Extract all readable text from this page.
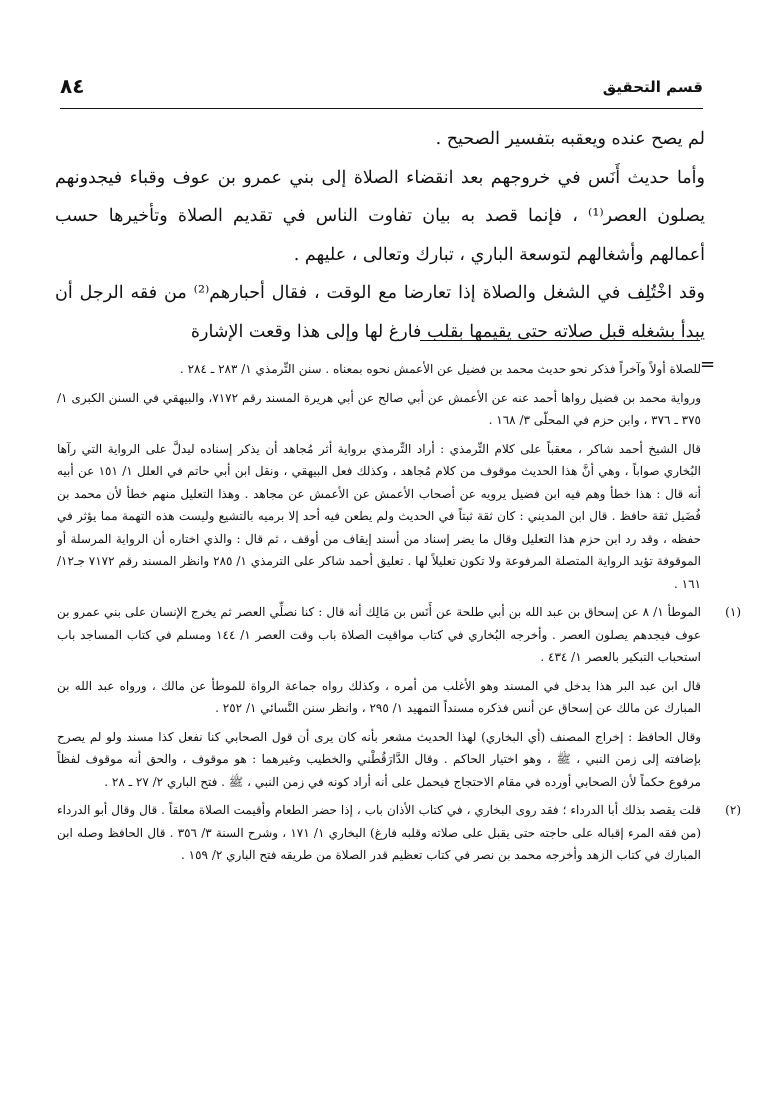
قسم التحقيق
٨٤

لم يصح عنده ويعقبه بتفسير الصحيح .

وأما حديث أَنَس في خروجهم بعد انقضاء الصلاة إلى بني عمرو بن عوف وقباء فيجدونهم يصلون العصر⁽¹⁾ ، فإنما قصد به بيان تفاوت الناس في تقديم الصلاة وتأخيرها حسب أعمالهم وأشغالهم لتوسعة الباري ، تبارك وتعالى ، عليهم .

وقد اخْتُلِف في الشغل والصلاة إذا تعارضا مع الوقت ، فقال أحبارهم⁽²⁾ من فقه الرجل أن يبدأ بشغله قبل صلاته حتى يقيمها بقلب فارغ لها وإلى هذا وقعت الإشارة

=

للصلاة أولاً وآخراً فذكر نحو حديث محمد بن فضيل عن الأعمش نحوه بمعناه . سنن التِّرمذي ١/ ٢٨٣ ـ ٢٨٤ .

ورواية محمد بن فضيل رواها أحمد عنه عن الأعمش عن أبي صالح عن أبي هريرة المسند رقم ٧١٧٢، والبيهقي في السنن الكبرى ١/ ٣٧٥ ـ ٣٧٦ ، وابن حزم في المحلّى ٣/ ١٦٨ .

قال الشيخ أحمد شاكر ، معقباً على كلام التِّرمذي : أراد التِّرمذي برواية أثر مُجاهد أن يذكر إسناده ليدلَّ على الرواية التي رآها البُخاري صواباً ، وهي أنَّ هذا الحديث موقوف من كلام مُجاهد ، وكذلك فعل البيهقي ، ونقل ابن أبي حاتم في العلل ١/ ١٥١ عن أبيه أنه قال : هذا خطأ وهم فيه ابن فضيل يرويه عن أصحاب الأعمش عن الأعمش عن مجاهد . وهذا التعليل منهم خطأ لأن محمد بن فُضَيل ثقة حافظ . قال ابن المديني : كان ثقة ثبتاً في الحديث ولم يطعن فيه أحد إلا برميه بالتشيع وليست هذه التهمة مما يؤثر في حفظه ، وقد رد ابن حزم هذا التعليل وقال ما يضر إسناد من أسند إيقاف من أوقف ، ثم قال : والذي اختاره أن الرواية المرسلة أو الموقوفة تؤيد الرواية المتصلة المرفوعة ولا تكون تعليلاً لها . تعليق أحمد شاكر على الترمذي ١/ ٢٨٥ وانظر المسند رقم ٧١٧٢ جـ١٢/ ١٦١ .

(١)

الموطأ ١/ ٨ عن إسحاق بن عبد الله بن أبي طلحة عن أَنَس بن مَالِك أنه قال : كنا نصلِّي العصر ثم يخرج الإنسان على بني عمرو بن عوف فيجدهم يصلون العصر . وأخرجه البُخاري في كتاب مواقيت الصلاة باب وقت العصر ١/ ١٤٤ ومسلم في كتاب المساجد باب استحباب التبكير بالعصر ١/ ٤٣٤ .

قال ابن عبد البر هذا يدخل في المسند وهو الأغلب من أمره ، وكذلك رواه جماعة الرواة للموطأ عن مالك ، ورواه عبد الله بن المبارك عن مالك عن إسحاق عن أنس فذكره مسنداً التمهيد ١/ ٢٩٥ ، وانظر سنن النَّسائي ١/ ٢٥٢ .

وقال الحافظ : إخراج المصنف (أي البخاري) لهذا الحديث مشعر بأنه كان يرى أن قول الصحابي كنا نفعل كذا مسند ولو لم يصرح بإضافته إلى زمن النبي ، ﷺ ، وهو اختيار الحاكم . وقال الدَّارَقُطْني والخطيب وغيرهما : هو موقوف ، والحق أنه موقوف لفظاً مرفوع حكماً لأن الصحابي أورده في مقام الاحتجاج فيحمل على أنه أراد كونه في زمن النبي ، ﷺ . فتح الباري ٢/ ٢٧ ـ ٢٨ .

(٢)

قلت يقصد بذلك أبا الدرداء ؛ فقد روى البخاري ، في كتاب الأذان باب ، إذا حضر الطعام وأقيمت الصلاة معلقاً . قال وقال أبو الدرداء (من فقه المرء إقباله على حاجته حتى يقبل على صلاته وقلبه فارغ) البخاري ١/ ١٧١ ، وشرح السنة ٣/ ٣٥٦ . قال الحافظ وصله ابن المبارك في كتاب الزهد وأخرجه محمد بن نصر في كتاب تعظيم قدر الصلاة من طريقه فتح الباري ٢/ ١٥٩ .
